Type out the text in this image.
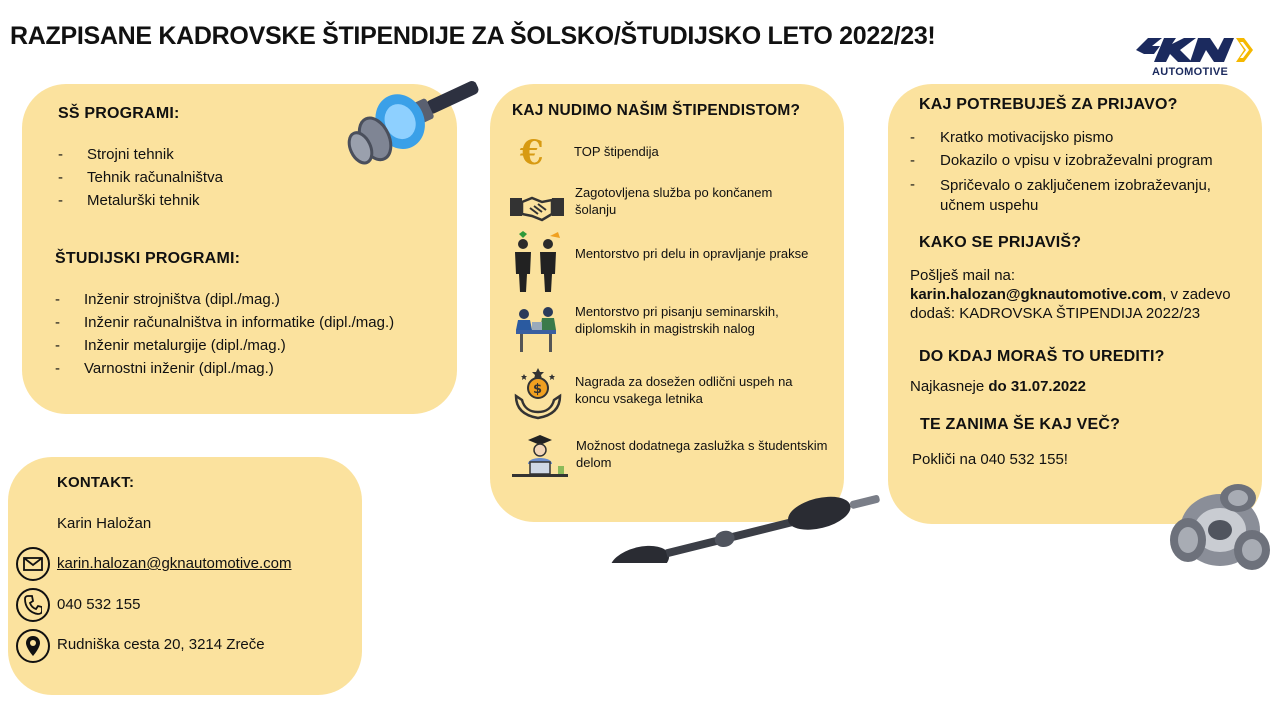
RAZPISANE KADROVSKE ŠTIPENDIJE ZA ŠOLSKO/ŠTUDIJSKO LETO 2022/23!
AUTOMOTIVE
SŠ PROGRAMI:
- Strojni tehnik
- Tehnik računalništva
- Metalurški tehnik
ŠTUDIJSKI PROGRAMI:
- Inženir strojništva (dipl./mag.)
- Inženir računalništva in informatike (dipl./mag.)
- Inženir metalurgije (dipl./mag.)
- Varnostni inženir (dipl./mag.)
KAJ NUDIMO NAŠIM ŠTIPENDISTOM?
€ TOP štipendija
Zagotovljena služba po končanem šolanju
Mentorstvo pri delu in opravljanje prakse
Mentorstvo pri pisanju seminarskih, diplomskih in magistrskih nalog
$
Nagrada za dosežen odlični uspeh na koncu vsakega letnika
Možnost dodatnega zaslužka s študentskim delom
KAJ POTREBUJEŠ ZA PRIJAVO?
- Kratko motivacijsko pismo
- Dokazilo o vpisu v izobraževalni program
- Spričevalo o zaključenem izobraževanju, učnem uspehu
KAKO SE PRIJAVIŠ?
Pošlješ mail na:
karin.halozan@gknautomotive.com, v zadevo
dodaš: KADROVSKA ŠTIPENDIJA 2022/23
DO KDAJ MORAŠ TO UREDITI?
Najkasneje do 31.07.2022
TE ZANIMA ŠE KAJ VEČ?
Pokliči na 040 532 155!
KONTAKT:
Karin Haložan
karin.halozan@gknautomotive.com
040 532 155
Rudniška cesta 20, 3214 Zreče
